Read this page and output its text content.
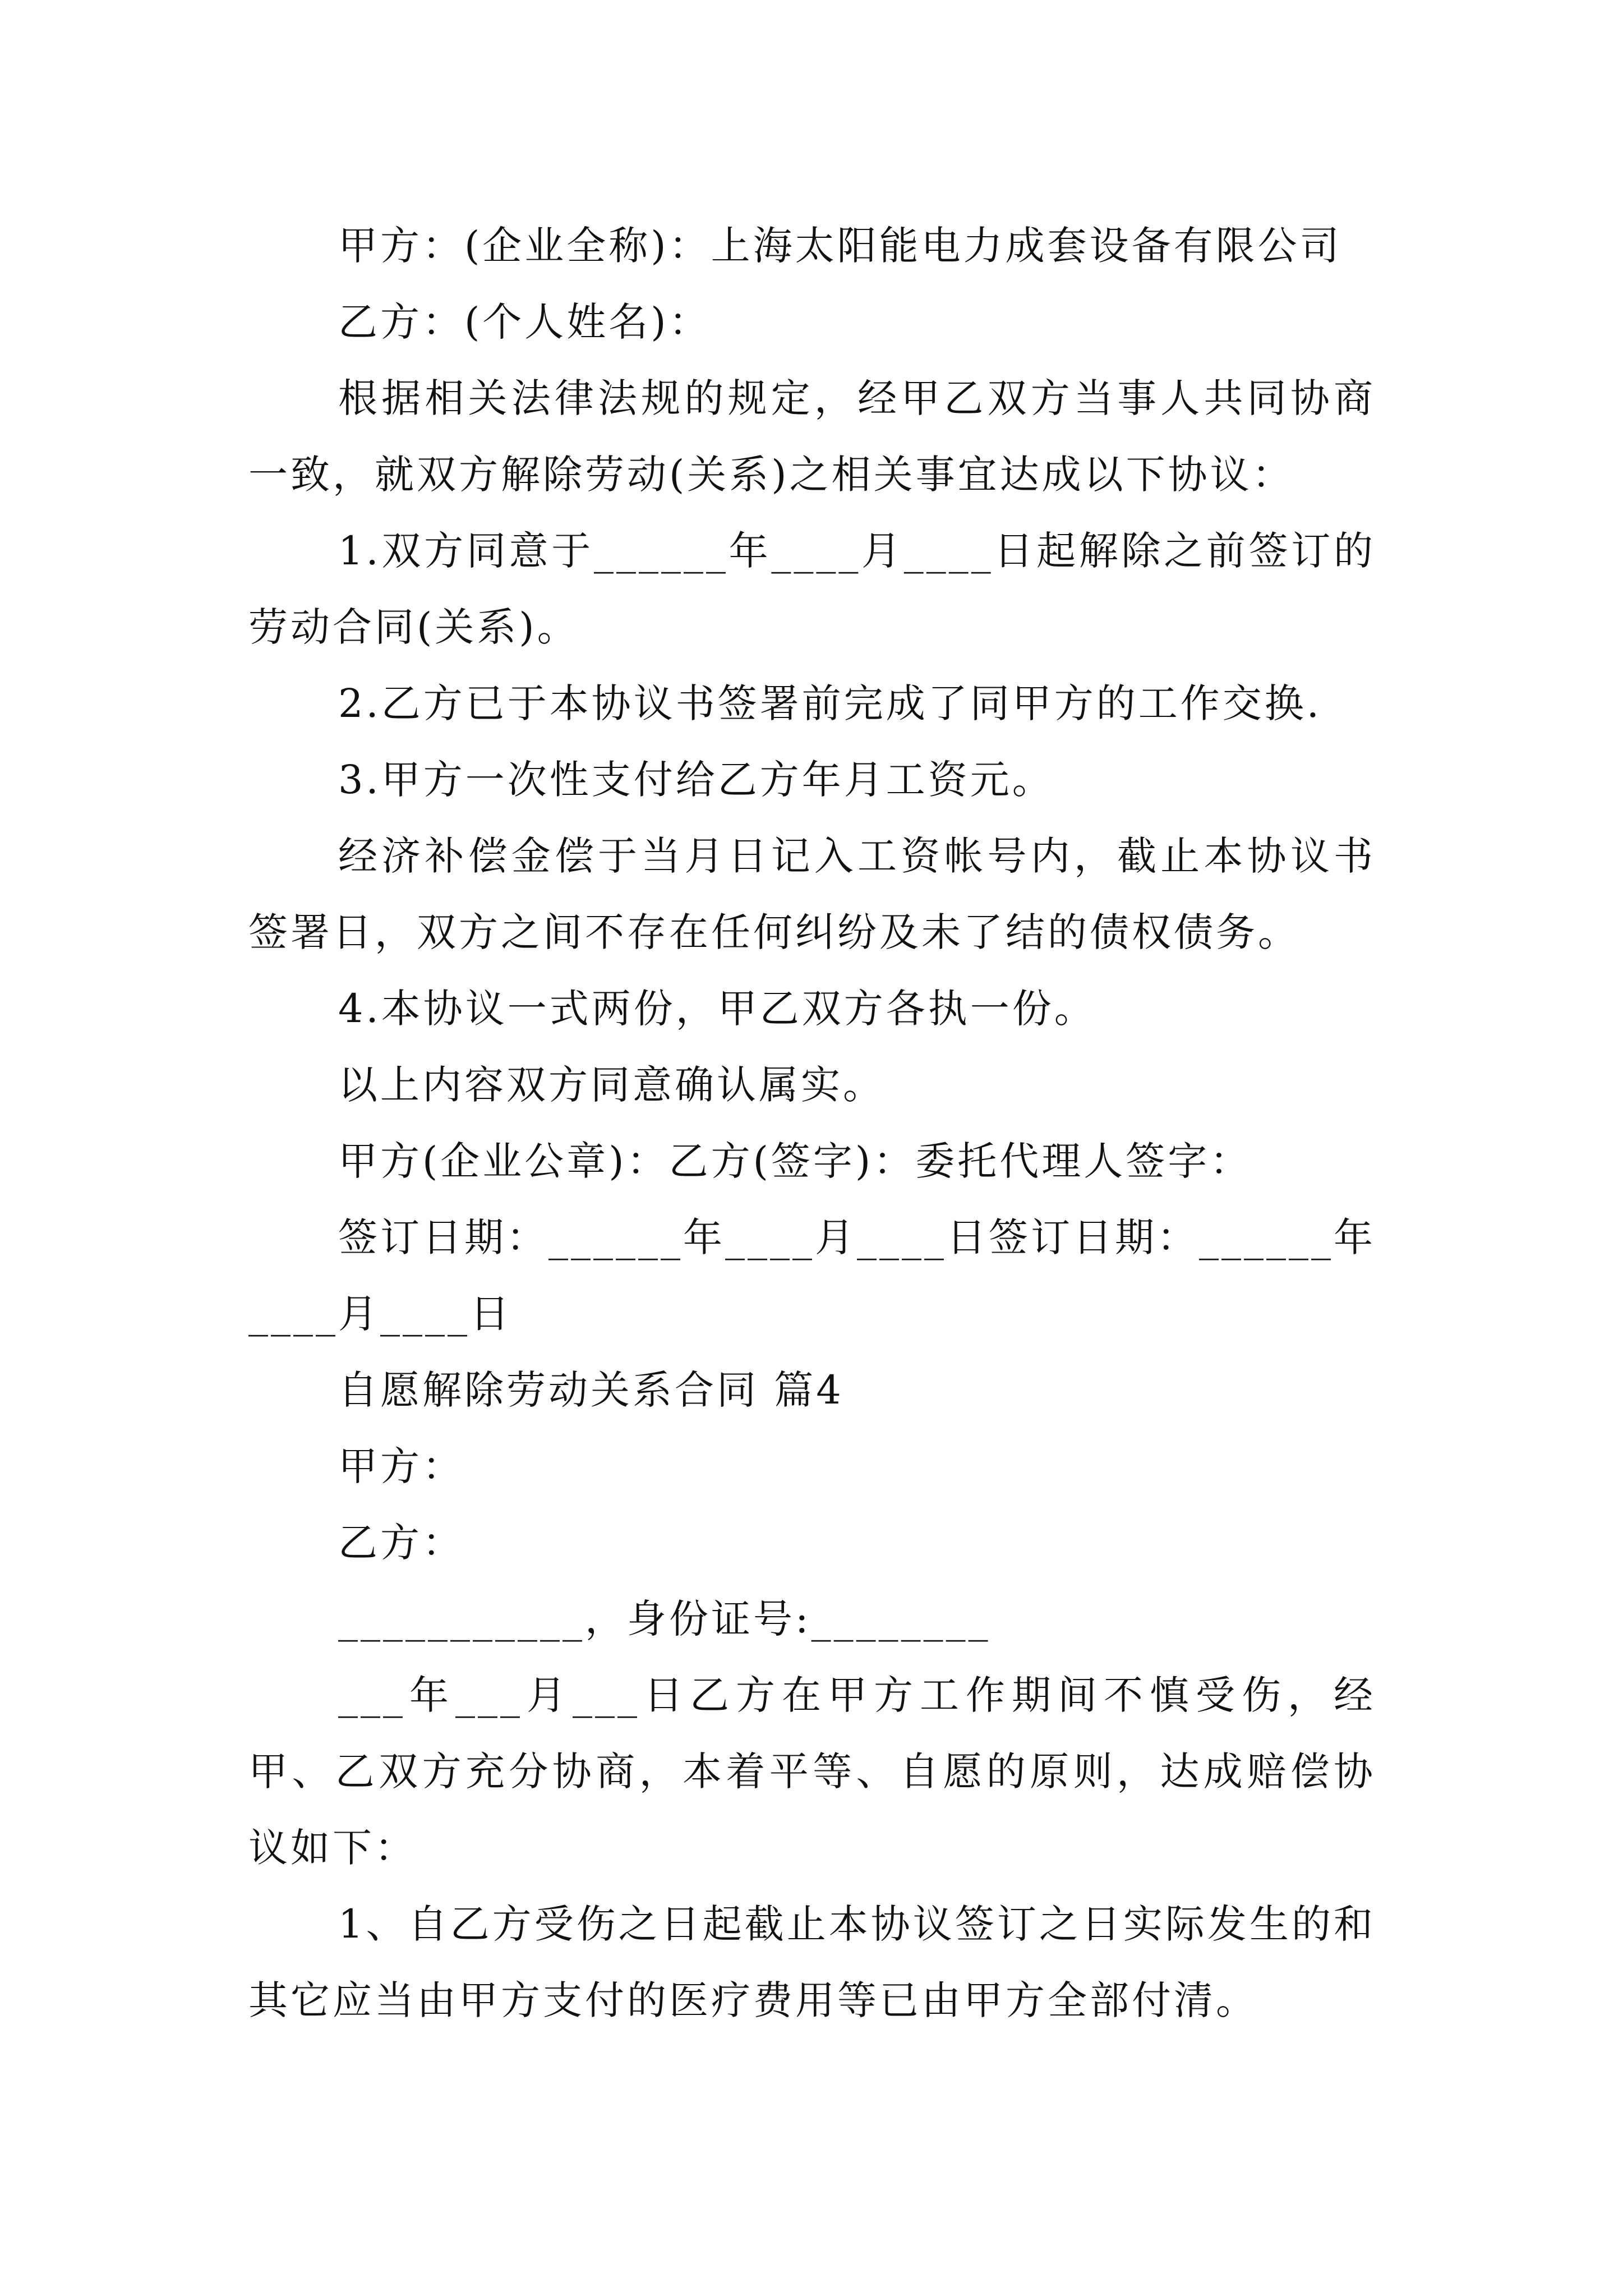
甲方：(企业全称)：上海太阳能电力成套设备有限公司

乙方：(个人姓名)：

根据相关法律法规的规定，经甲乙双方当事人共同协商一致，就双方解除劳动(关系)之相关事宜达成以下协议：

1.双方同意于______年____月____日起解除之前签订的劳动合同(关系)。

2.乙方已于本协议书签署前完成了同甲方的工作交换.

3.甲方一次性支付给乙方年月工资元。

经济补偿金偿于当月日记入工资帐号内，截止本协议书签署日，双方之间不存在任何纠纷及未了结的债权债务。

4.本协议一式两份，甲乙双方各执一份。

以上内容双方同意确认属实。

甲方(企业公章)：乙方(签字)：委托代理人签字：

签订日期：______年____月____日签订日期：______年____月____日

自愿解除劳动关系合同 篇4

甲方：

乙方：

___________，身份证号:________

___年___月___日乙方在甲方工作期间不慎受伤，经甲、乙双方充分协商，本着平等、自愿的原则，达成赔偿协议如下：

1、自乙方受伤之日起截止本协议签订之日实际发生的和其它应当由甲方支付的医疗费用等已由甲方全部付清。
